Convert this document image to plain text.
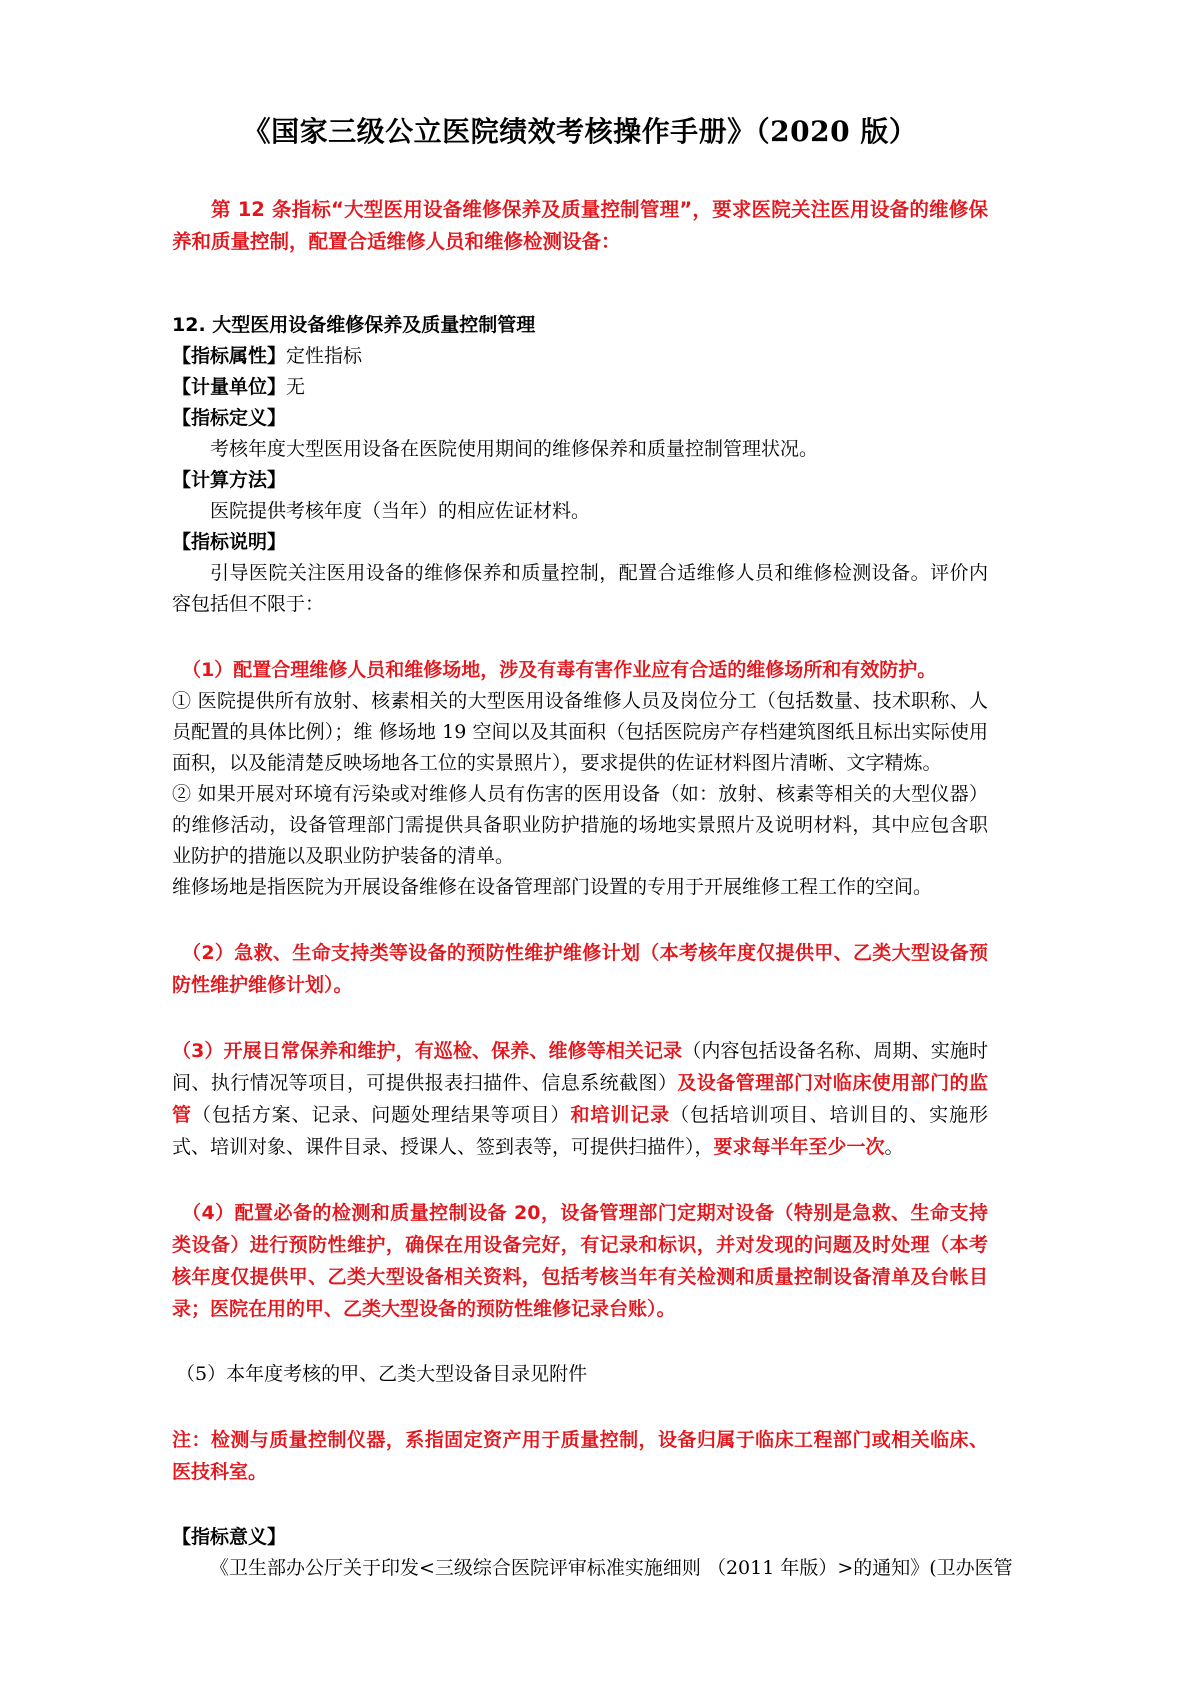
《国家三级公立医院绩效考核操作手册》（2020 版）
第 12 条指标“大型医用设备维修保养及质量控制管理”，要求医院关注医用设备的维修保养和质量控制，配置合适维修人员和维修检测设备：
12. 大型医用设备维修保养及质量控制管理
【指标属性】定性指标
【计量单位】无
【指标定义】
考核年度大型医用设备在医院使用期间的维修保养和质量控制管理状况。
【计算方法】
医院提供考核年度（当年）的相应佐证材料。
【指标说明】
引导医院关注医用设备的维修保养和质量控制，配置合适维修人员和维修检测设备。评价内容包括但不限于：
（1）配置合理维修人员和维修场地，涉及有毒有害作业应有合适的维修场所和有效防护。
① 医院提供所有放射、核素相关的大型医用设备维修人员及岗位分工（包括数量、技术职称、人员配置的具体比例）；维 修场地 19 空间以及其面积（包括医院房产存档建筑图纸且标出实际使用面积，以及能清楚反映场地各工位的实景照片），要求提供的佐证材料图片清晰、文字精炼。
② 如果开展对环境有污染或对维修人员有伤害的医用设备（如：放射、核素等相关的大型仪器）的维修活动，设备管理部门需提供具备职业防护措施的场地实景照片及说明材料，其中应包含职业防护的措施以及职业防护装备的清单。
维修场地是指医院为开展设备维修在设备管理部门设置的专用于开展维修工程工作的空间。
（2）急救、生命支持类等设备的预防性维护维修计划（本考核年度仅提供甲、乙类大型设备预防性维护维修计划）。
（3）开展日常保养和维护，有巡检、保养、维修等相关记录（内容包括设备名称、周期、实施时间、执行情况等项目，可提供报表扫描件、信息系统截图）及设备管理部门对临床使用部门的监管（包括方案、记录、问题处理结果等项目）和培训记录（包括培训项目、培训目的、实施形式、培训对象、课件目录、授课人、签到表等，可提供扫描件），要求每半年至少一次。
（4）配置必备的检测和质量控制设备 20，设备管理部门定期对设备（特别是急救、生命支持类设备）进行预防性维护，确保在用设备完好，有记录和标识，并对发现的问题及时处理（本考核年度仅提供甲、乙类大型设备相关资料，包括考核当年有关检测和质量控制设备清单及台帐目录；医院在用的甲、乙类大型设备的预防性维修记录台账）。
（5）本年度考核的甲、乙类大型设备目录见附件
注：检测与质量控制仪器，系指固定资产用于质量控制，设备归属于临床工程部门或相关临床、医技科室。
【指标意义】
《卫生部办公厅关于印发<三级综合医院评审标准实施细则 （2011 年版）>的通知》(卫办医管
